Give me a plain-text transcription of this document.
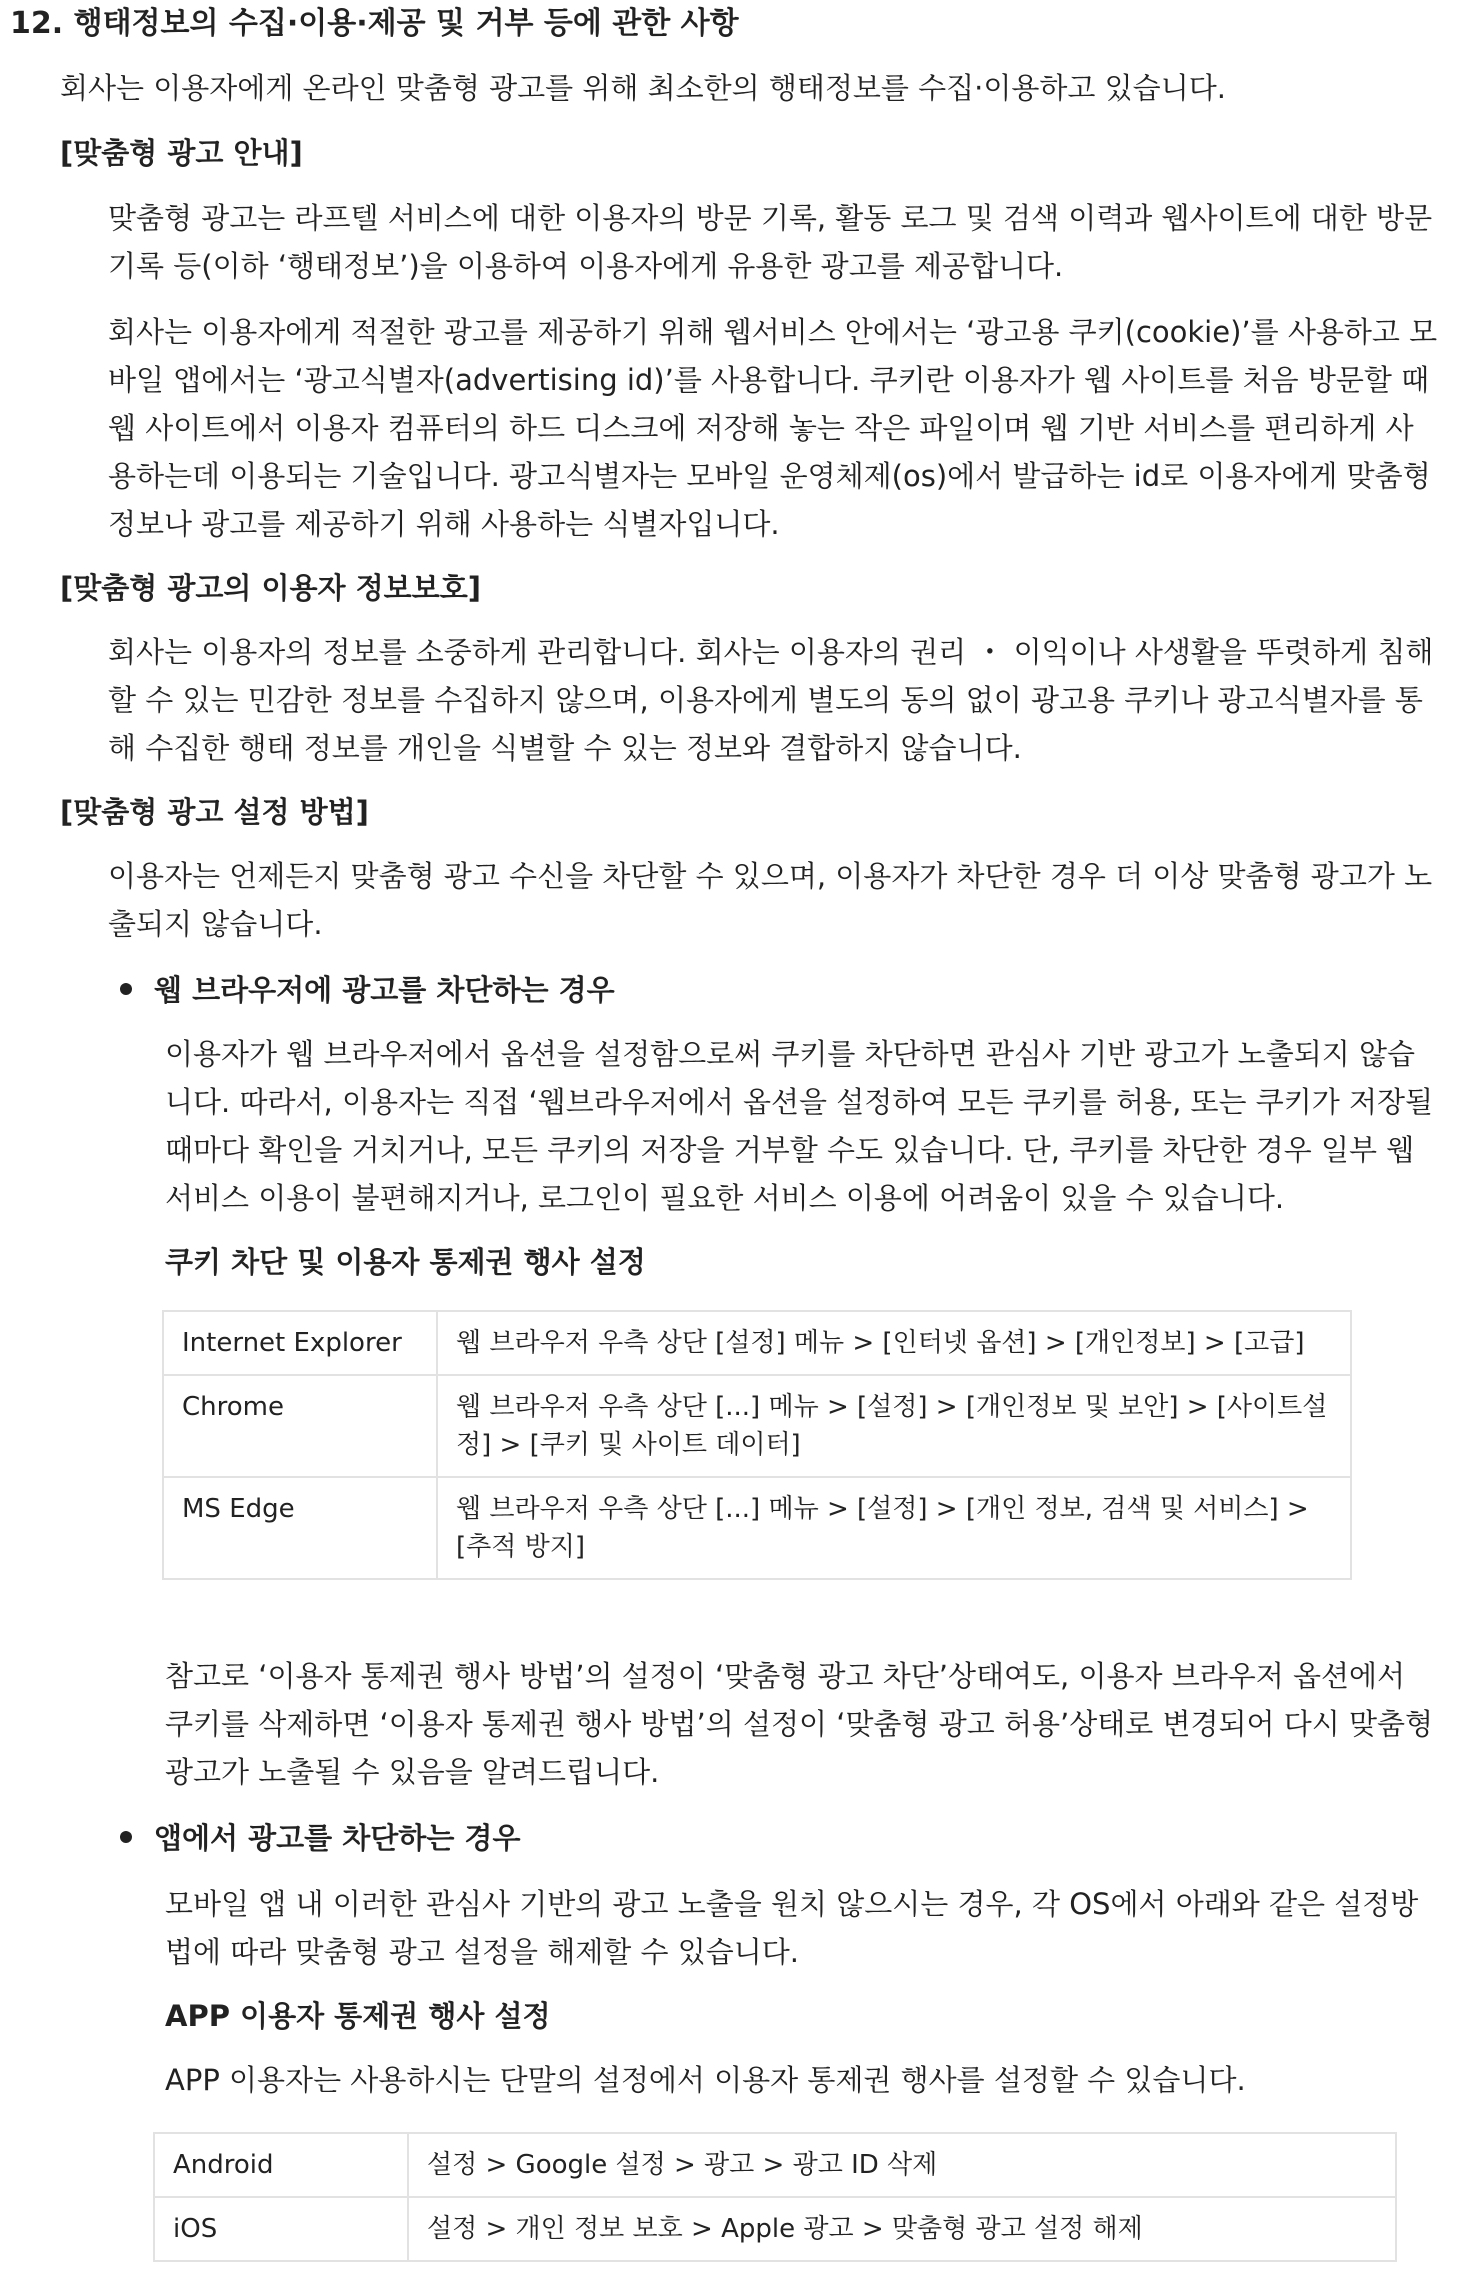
12. 행태정보의 수집·이용·제공 및 거부 등에 관한 사항

회사는 이용자에게 온라인 맞춤형 광고를 위해 최소한의 행태정보를 수집·이용하고 있습니다.

[맞춤형 광고 안내]

맞춤형 광고는 라프텔 서비스에 대한 이용자의 방문 기록, 활동 로그 및 검색 이력과 웹사이트에 대한 방문 기록 등(이하 ‘행태정보’)을 이용하여 이용자에게 유용한 광고를 제공합니다.

회사는 이용자에게 적절한 광고를 제공하기 위해 웹서비스 안에서는 ‘광고용 쿠키(cookie)’를 사용하고 모바일 앱에서는 ‘광고식별자(advertising id)’를 사용합니다. 쿠키란 이용자가 웹 사이트를 처음 방문할 때 웹 사이트에서 이용자 컴퓨터의 하드 디스크에 저장해 놓는 작은 파일이며 웹 기반 서비스를 편리하게 사용하는데 이용되는 기술입니다. 광고식별자는 모바일 운영체제(os)에서 발급하는 id로 이용자에게 맞춤형 정보나 광고를 제공하기 위해 사용하는 식별자입니다.

[맞춤형 광고의 이용자 정보보호]

회사는 이용자의 정보를 소중하게 관리합니다. 회사는 이용자의 권리 ・ 이익이나 사생활을 뚜렷하게 침해할 수 있는 민감한 정보를 수집하지 않으며, 이용자에게 별도의 동의 없이 광고용 쿠키나 광고식별자를 통해 수집한 행태 정보를 개인을 식별할 수 있는 정보와 결합하지 않습니다.

[맞춤형 광고 설정 방법]

이용자는 언제든지 맞춤형 광고 수신을 차단할 수 있으며, 이용자가 차단한 경우 더 이상 맞춤형 광고가 노출되지 않습니다.

웹 브라우저에 광고를 차단하는 경우

이용자가 웹 브라우저에서 옵션을 설정함으로써 쿠키를 차단하면 관심사 기반 광고가 노출되지 않습니다. 따라서, 이용자는 직접 ‘웹브라우저에서 옵션을 설정하여 모든 쿠키를 허용, 또는 쿠키가 저장될 때마다 확인을 거치거나, 모든 쿠키의 저장을 거부할 수도 있습니다. 단, 쿠키를 차단한 경우 일부 웹 서비스 이용이 불편해지거나, 로그인이 필요한 서비스 이용에 어려움이 있을 수 있습니다.

쿠키 차단 및 이용자 통제권 행사 설정
Internet Explorer	웹 브라우저 우측 상단 [설정] 메뉴 > [인터넷 옵션] > [개인정보] > [고급]
Chrome	웹 브라우저 우측 상단 [...] 메뉴 > [설정] > [개인정보 및 보안] > [사이트설정] > [쿠키 및 사이트 데이터]
MS Edge	웹 브라우저 우측 상단 [...] 메뉴 > [설정] > [개인 정보, 검색 및 서비스] > [추적 방지]

참고로 ‘이용자 통제권 행사 방법’의 설정이 ‘맞춤형 광고 차단’상태여도, 이용자 브라우저 옵션에서 쿠키를 삭제하면 ‘이용자 통제권 행사 방법’의 설정이 ‘맞춤형 광고 허용’상태로 변경되어 다시 맞춤형 광고가 노출될 수 있음을 알려드립니다.

앱에서 광고를 차단하는 경우

모바일 앱 내 이러한 관심사 기반의 광고 노출을 원치 않으시는 경우, 각 OS에서 아래와 같은 설정방법에 따라 맞춤형 광고 설정을 해제할 수 있습니다.

APP 이용자 통제권 행사 설정

APP 이용자는 사용하시는 단말의 설정에서 이용자 통제권 행사를 설정할 수 있습니다.

Android	설정 > Google 설정 > 광고 > 광고 ID 삭제
iOS	설정 > 개인 정보 보호 > Apple 광고 > 맞춤형 광고 설정 해제
